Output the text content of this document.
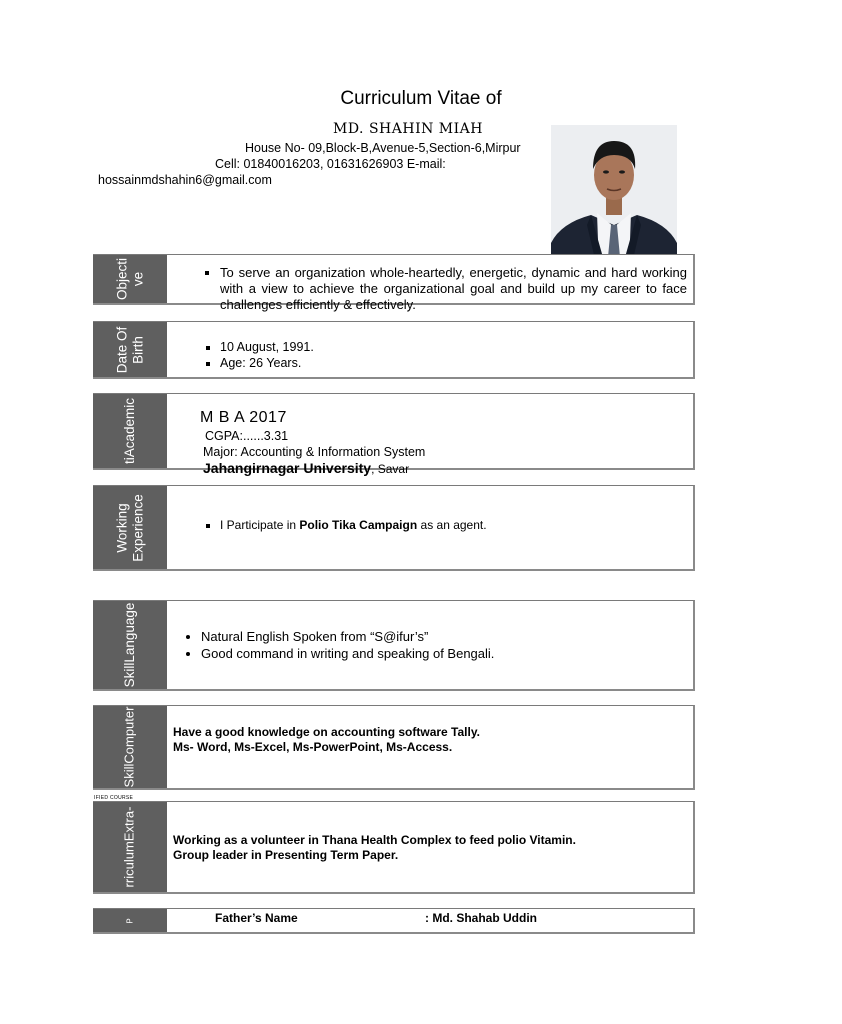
Curriculum Vitae of
MD. SHAHIN MIAH
House No- 09,Block-B,Avenue-5,Section-6,Mirpur
Cell: 01840016203, 01631626903 E-mail:
hossainmdshahin6@gmail.com
Objecti ve	▪ To serve an organization whole-heartedly, energetic, dynamic and hard working with a view to achieve the organizational goal and build up my career to face challenges efficiently & effectively.
Date Of Birth	▪ 10 August, 1991.
▪ Age: 26 Years.
tiAcademic	M B A 2017
CGPA:......3.31
Major: Accounting & Information System
Jahangirnagar University, Savar
Working Experience	▪ I Participate in Polio Tika Campaign as an agent.
SkillLanguage	• Natural English Spoken from “S@ifur’s”
• Good command in writing and speaking of Bengali.
SkillComputer	Have a good knowledge on accounting software Tally.
Ms- Word, Ms-Excel, Ms-PowerPoint, Ms-Access.
IFIED COURSE
rriculumExtra-	Working as a volunteer in Thana Health Complex to feed polio Vitamin.
Group leader in Presenting Term Paper.
P	Father’s Name	: Md. Shahab Uddin
